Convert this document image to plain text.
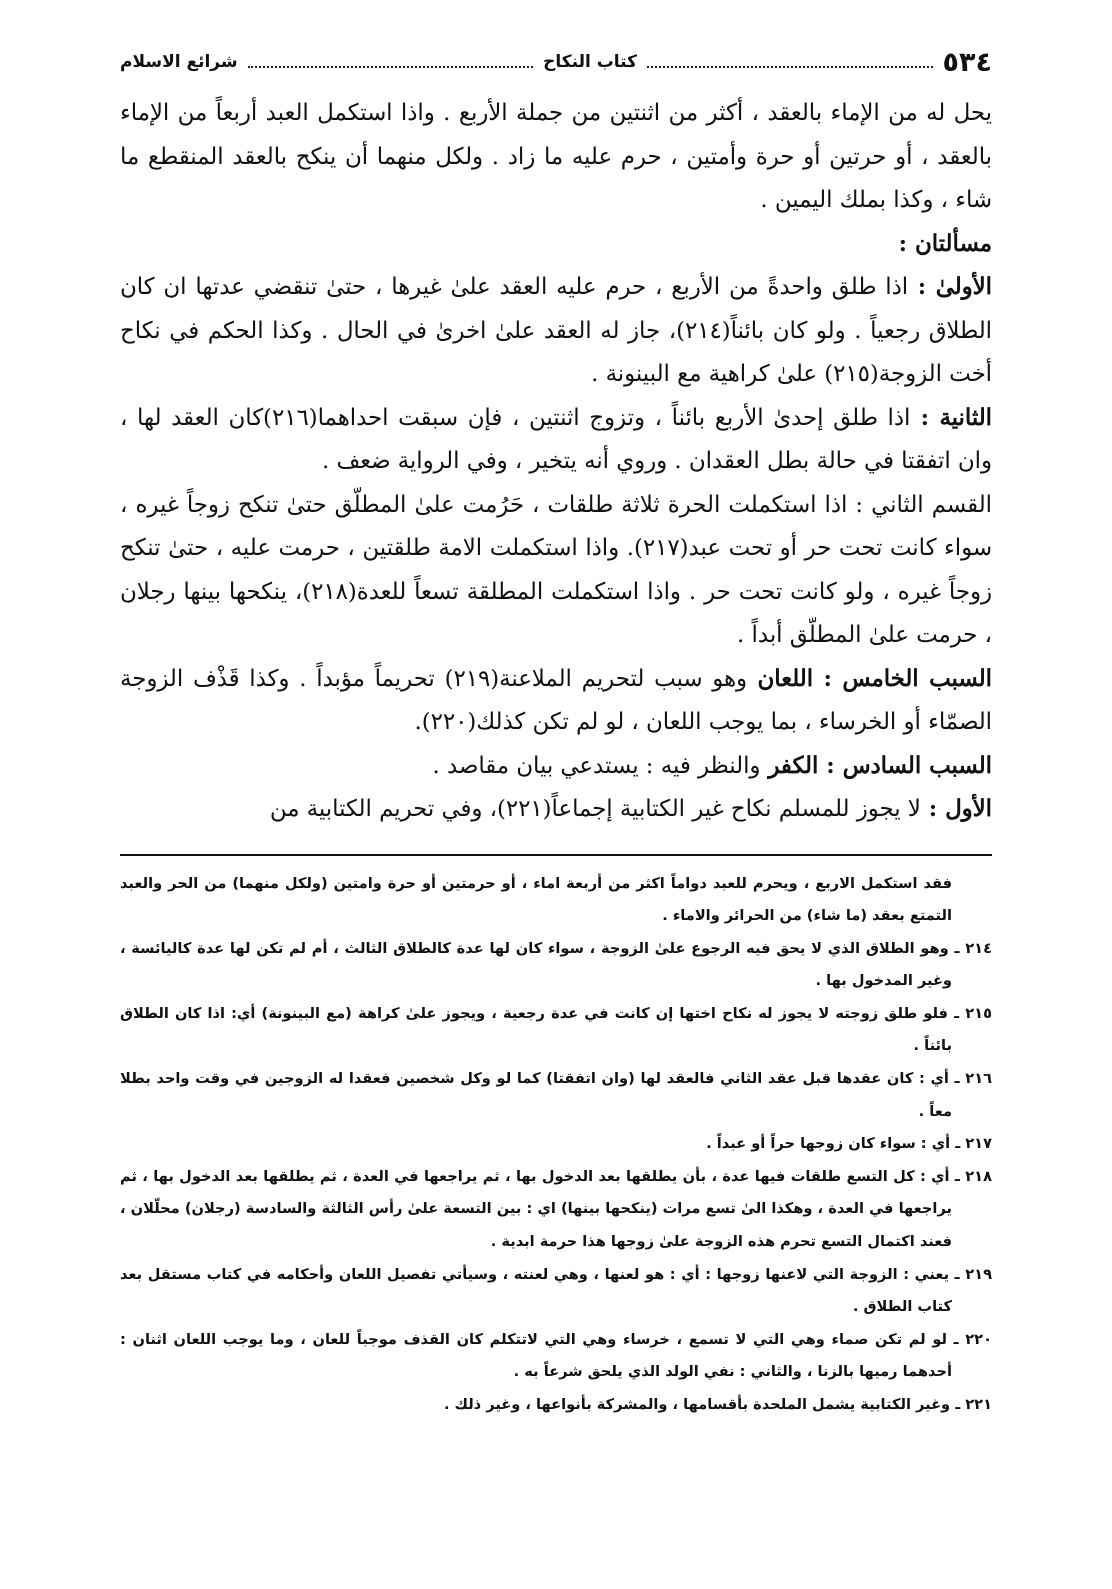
٥٣٤
كتاب النكاح
شرائع الاسلام

يحل له من الإماء بالعقد ، أكثر من اثنتين من جملة الأربع . واذا استكمل العبد أربعاً من الإماء بالعقد ، أو حرتين أو حرة وأمتين ، حرم عليه ما زاد . ولكل منهما أن ينكح بالعقد المنقطع ما شاء ، وكذا بملك اليمين .

مسألتان :

الأولىٰ : اذا طلق واحدةً من الأربع ، حرم عليه العقد علىٰ غيرها ، حتىٰ تنقضي عدتها ان كان الطلاق رجعياً . ولو كان بائناً(٢١٤)، جاز له العقد علىٰ اخرىٰ في الحال . وكذا الحكم في نكاح أخت الزوجة(٢١٥) علىٰ كراهية مع البينونة .

الثانية : اذا طلق إحدىٰ الأربع بائناً ، وتزوج اثنتين ، فإن سبقت احداهما(٢١٦)كان العقد لها ، وان اتفقتا في حالة بطل العقدان . وروي أنه يتخير ، وفي الرواية ضعف .

القسم الثاني : اذا استكملت الحرة ثلاثة طلقات ، حَرُمت علىٰ المطلّق حتىٰ تنكح زوجاً غيره ، سواء كانت تحت حر أو تحت عبد(٢١٧). واذا استكملت الامة طلقتين ، حرمت عليه ، حتىٰ تنكح زوجاً غيره ، ولو كانت تحت حر . واذا استكملت المطلقة تسعاً للعدة(٢١٨)، ينكحها بينها رجلان ، حرمت علىٰ المطلّق أبداً .

السبب الخامس : اللعان وهو سبب لتحريم الملاعنة(٢١٩) تحريماً مؤبداً . وكذا قَذْف الزوجة الصمّاء أو الخرساء ، بما يوجب اللعان ، لو لم تكن كذلك(٢٢٠).

السبب السادس : الكفر والنظر فيه : يستدعي بيان مقاصد .

الأول : لا يجوز للمسلم نكاح غير الكتابية إجماعاً(٢٢١)، وفي تحريم الكتابية من

فقد استكمل الاربع ، ويحرم للعبد دواماً اكثر من أربعة اماء ، أو حرمتين أو حرة وامتين (ولكل منهما) من الحر والعبد التمتع بعقد (ما شاء) من الحرائر والاماء .
٢١٤ ـ وهو الطلاق الذي لا يحق فيه الرجوع علىٰ الزوجة ، سواء كان لها عدة كالطلاق الثالث ، أم لم تكن لها عدة كاليائسة ، وغير المدخول بها .
٢١٥ ـ فلو طلق زوجته لا يجوز له نكاح اختها إن كانت في عدة رجعية ، ويجوز علىٰ كراهة (مع البينونة) أي: اذا كان الطلاق بائناً .
٢١٦ ـ أي : كان عقدها قبل عقد الثاني فالعقد لها (وان اتفقتا) كما لو وكل شخصين فعقدا له الزوجين في وقت واحد بطلا معاً .
٢١٧ ـ أي : سواء كان زوجها حراً أو عبداً .
٢١٨ ـ أي : كل التسع طلقات فيها عدة ، بأن يطلقها بعد الدخول بها ، ثم يراجعها في العدة ، ثم يطلقها بعد الدخول بها ، ثم يراجعها في العدة ، وهكذا الىٰ تسع مرات (ينكحها بينها) اي : بين التسعة علىٰ رأس الثالثة والسادسة (رجلان) محلّلان ، فعند اكتمال التسع تحرم هذه الزوجة علىٰ زوجها هذا حرمة ابدية .
٢١٩ ـ يعني : الزوجة التي لاعنها زوجها : أي : هو لعنها ، وهي لعنته ، وسيأتي تفصيل اللعان وأحكامه في كتاب مستقل بعد كتاب الطلاق .
٢٢٠ ـ لو لم تكن صماء وهي التي لا تسمع ، خرساء وهي التي لاتتكلم كان القذف موجباً للعان ، وما يوجب اللعان اثنان : أحدهما رميها بالزنا ، والثاني : نفي الولد الذي يلحق شرعاً به .
٢٢١ ـ وغير الكتابية يشمل الملحدة بأقسامها ، والمشركة بأنواعها ، وغير ذلك .
